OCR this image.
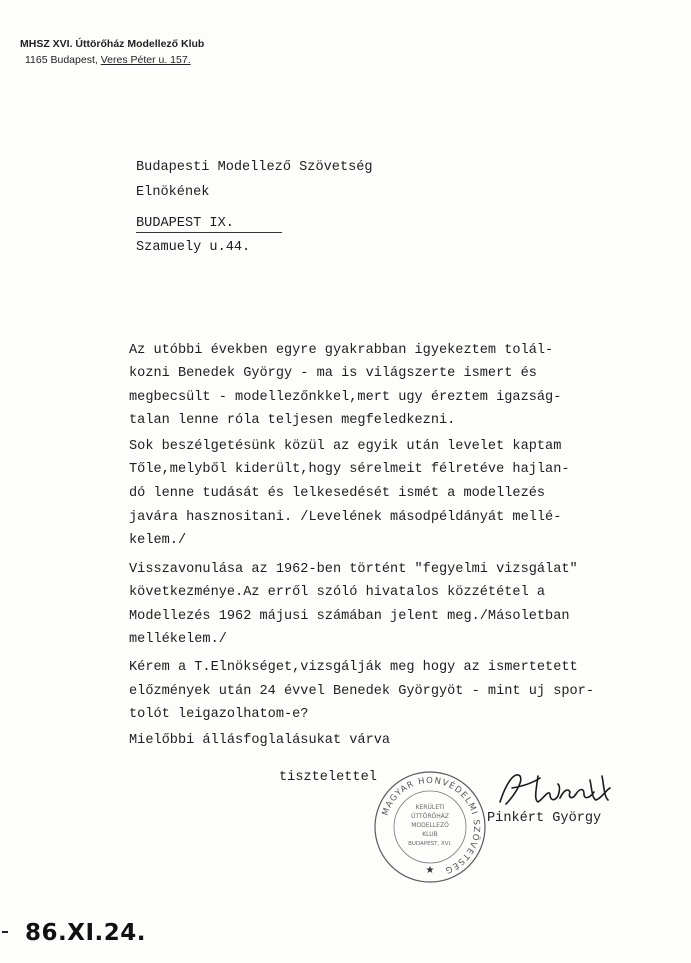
MHSZ XVI. Úttörőház Modellező Klub
1165 Budapest, Veres Péter u. 157.
Budapesti Modellező Szövetség
Elnökének
BUDAPEST IX.
Szamuely u.44.
Az utóbbi években egyre gyakrabban igyekeztem tolál-
kozni Benedek György - ma is világszerte ismert és
megbecsült - modellezőnkkel,mert ugy éreztem igazság-
talan lenne róla teljesen megfeledkezni.
Sok beszélgetésünk közül az egyik után levelet kaptam
Tőle,melyből kiderült,hogy sérelmeit félretéve hajlan-
dó lenne tudását és lelkesedését ismét a modellezés
javára hasznositani. /Levelének másodpéldányát mellé-
kelem./
Visszavonulása az 1962-ben történt "fegyelmi vizsgálat"
következménye.Az erről szóló hivatalos közzététel a
Modellezés 1962 májusi számában jelent meg./Másoletban
mellékelem./
Kérem a T.Elnökséget,vizsgálják meg hogy az ismertetett
előzmények után 24 évvel Benedek Györgyöt - mint uj spor-
tolót leigazolhatom-e?
Mielőbbi állásfoglalásukat várva
tisztelettel
Pinkért György
MAGYAR HONVÉDELMI SZÖVETSÉG
KERÜLETI
ÚTTÖRŐHÁZ
MODELLEZŐ
KLUB
BUDAPEST, XVI.
★
86.XI.24.
